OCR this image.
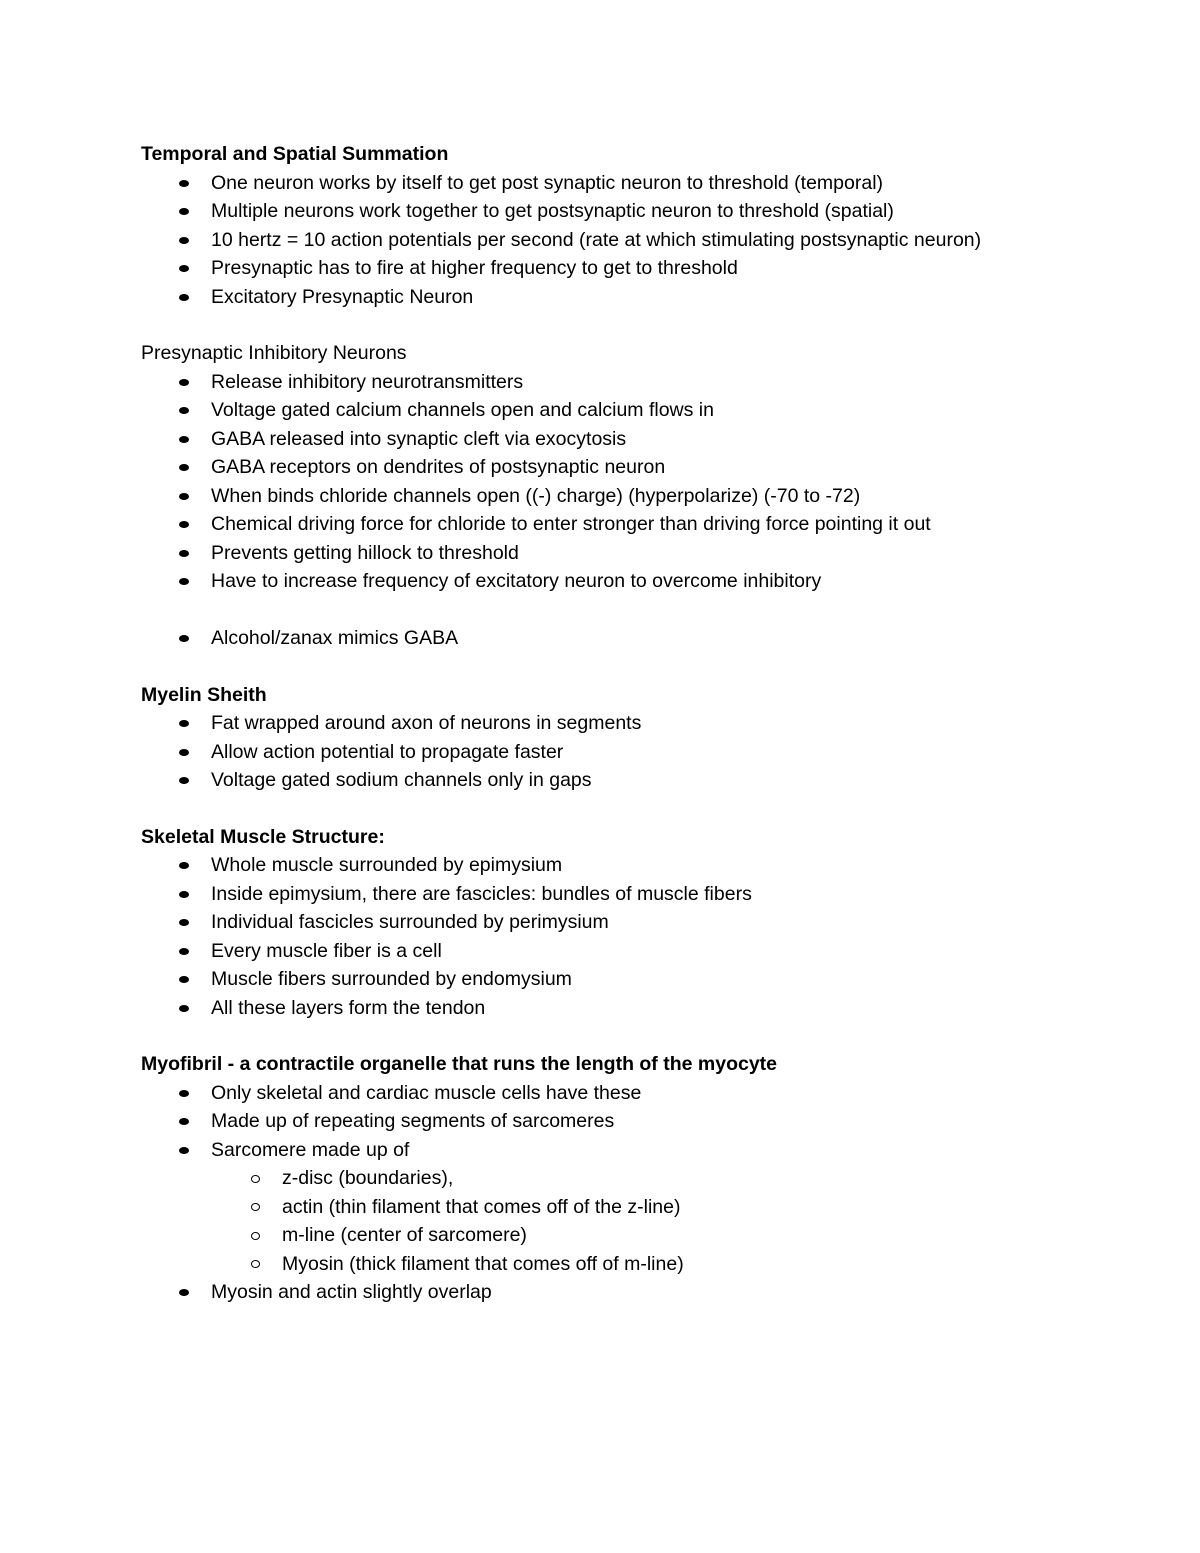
Temporal and Spatial Summation
One neuron works by itself to get post synaptic neuron to threshold (temporal)
Multiple neurons work together to get postsynaptic neuron to threshold (spatial)
10 hertz = 10 action potentials per second (rate at which stimulating postsynaptic neuron)
Presynaptic has to fire at higher frequency to get to threshold
Excitatory Presynaptic Neuron
Presynaptic Inhibitory Neurons
Release inhibitory neurotransmitters
Voltage gated calcium channels open and calcium flows in
GABA released into synaptic cleft via exocytosis
GABA receptors on dendrites of postsynaptic neuron
When binds chloride channels open ((-) charge) (hyperpolarize) (-70 to -72)
Chemical driving force for chloride to enter stronger than driving force pointing it out
Prevents getting hillock to threshold
Have to increase frequency of excitatory neuron to overcome inhibitory
Alcohol/zanax mimics GABA
Myelin Sheith
Fat wrapped around axon of neurons in segments
Allow action potential to propagate faster
Voltage gated sodium channels only in gaps
Skeletal Muscle Structure:
Whole muscle surrounded by epimysium
Inside epimysium, there are fascicles: bundles of muscle fibers
Individual fascicles surrounded by perimysium
Every muscle fiber is a cell
Muscle fibers surrounded by endomysium
All these layers form the tendon
Myofibril - a contractile organelle that runs the length of the myocyte
Only skeletal and cardiac muscle cells have these
Made up of repeating segments of sarcomeres
Sarcomere made up of
z-disc (boundaries),
actin (thin filament that comes off of the z-line)
m-line (center of sarcomere)
Myosin (thick filament that comes off of m-line)
Myosin and actin slightly overlap
